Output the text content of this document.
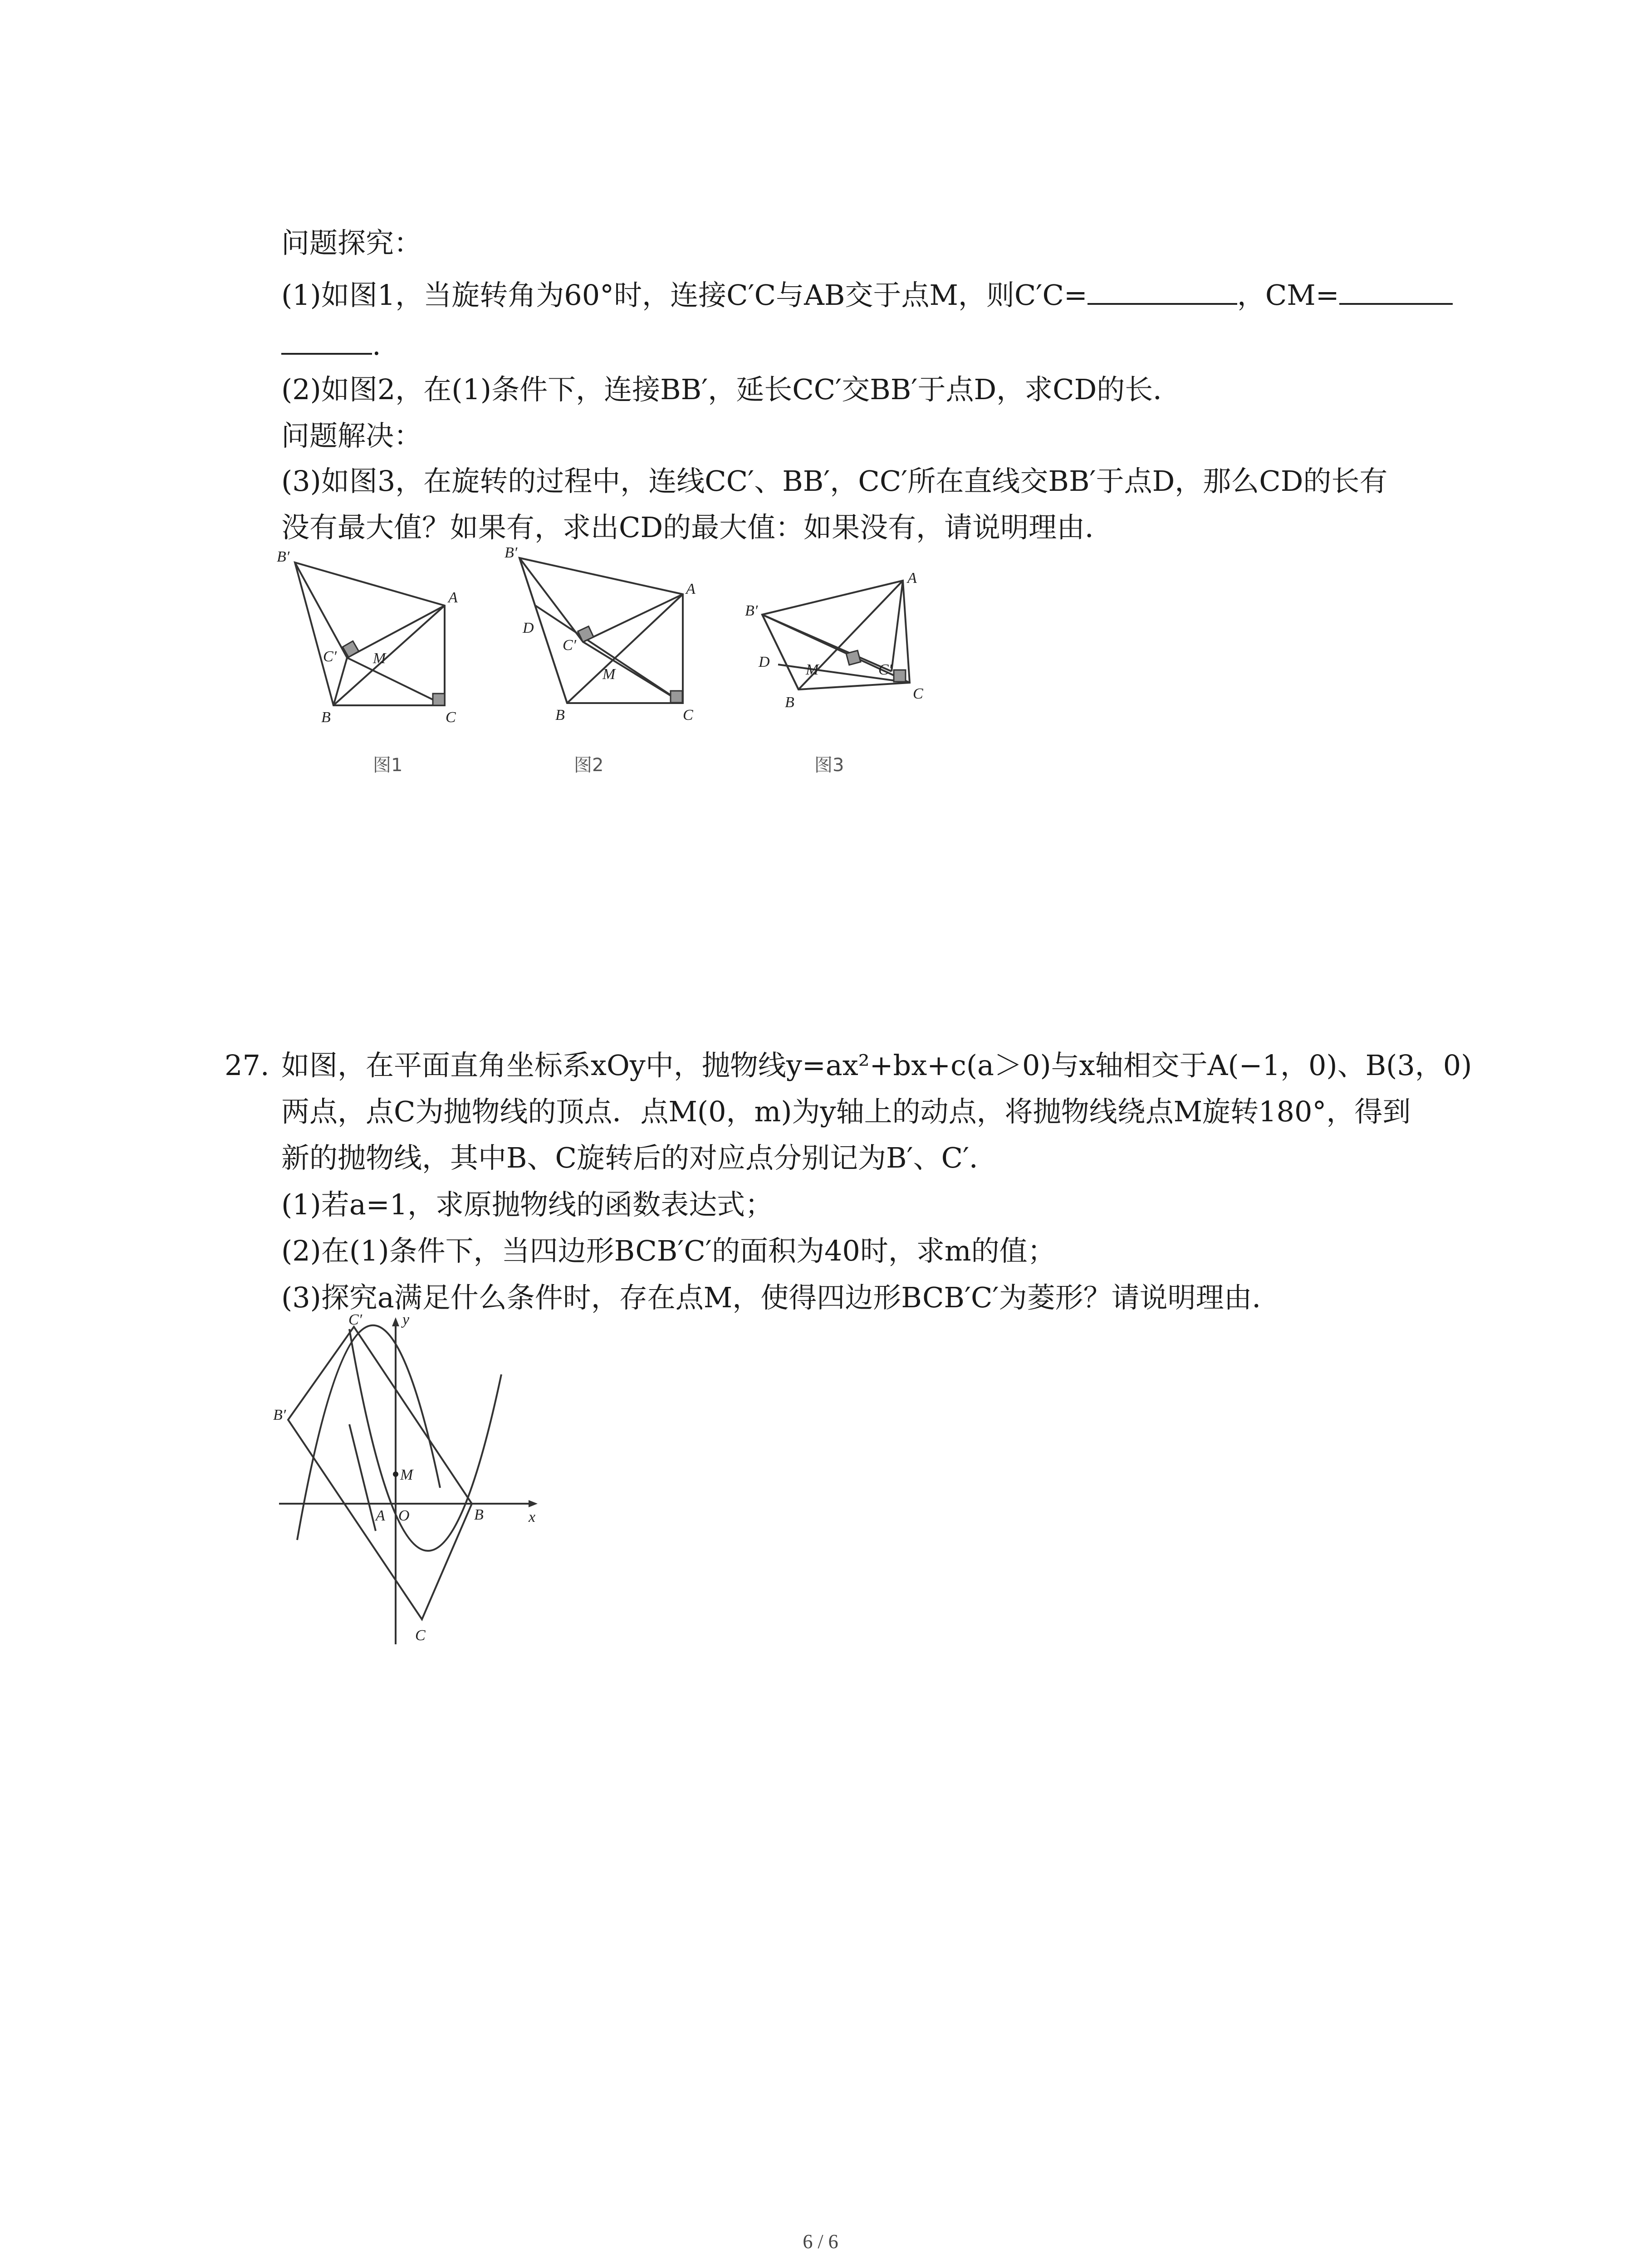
问题探究：
(1)如图1，当旋转角为60°时，连接C′C与AB交于点M，则C′C=	，CM=
.
(2)如图2，在(1)条件下，连接BB′，延长CC′交BB′于点D，求CD的长．
问题解决：
(3)如图3，在旋转的过程中，连线CC′、BB′，CC′所在直线交BB′于点D，那么CD的长有
没有最大值？如果有，求出CD的最大值：如果没有，请说明理由．
B′
A
C′ M
B	C
图1
B′
A
D
C′
M
B	C
图2
B′
A
D M	C′
B
C
图3
27. 如图，在平面直角坐标系xOy中，抛物线y=ax²+bx+c(a＞0)与x轴相交于A(−1，0)、B(3，0)
两点，点C为抛物线的顶点．点M(0，m)为y轴上的动点，将抛物线绕点M旋转180°，得到
新的抛物线，其中B、C旋转后的对应点分别记为B′、C′．
(1)若a=1，求原抛物线的函数表达式；
(2)在(1)条件下，当四边形BCB′C′的面积为40时，求m的值；
(3)探究a满足什么条件时，存在点M，使得四边形BCB′C′为菱形？请说明理由．
C′	y
B′
M
A O	B	x
C
6 / 6
